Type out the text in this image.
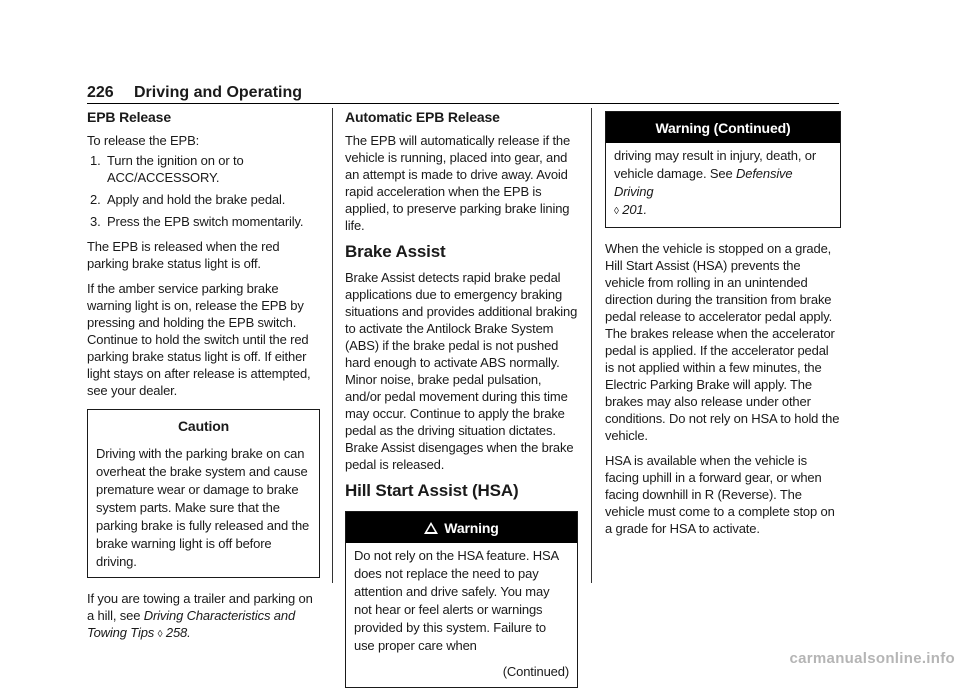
226 Driving and Operating
EPB Release

To release the EPB:

1. Turn the ignition on or to ACC/ACCESSORY.
2. Apply and hold the brake pedal.
3. Press the EPB switch momentarily.

The EPB is released when the red parking brake status light is off.

If the amber service parking brake warning light is on, release the EPB by pressing and holding the EPB switch. Continue to hold the switch until the red parking brake status light is off. If either light stays on after release is attempted, see your dealer.

Caution
Driving with the parking brake on can overheat the brake system and cause premature wear or damage to brake system parts. Make sure that the parking brake is fully released and the brake warning light is off before driving.

If you are towing a trailer and parking on a hill, see Driving Characteristics and Towing Tips ◊ 258.

Automatic EPB Release

The EPB will automatically release if the vehicle is running, placed into gear, and an attempt is made to drive away. Avoid rapid acceleration when the EPB is applied, to preserve parking brake lining life.

Brake Assist

Brake Assist detects rapid brake pedal applications due to emergency braking situations and provides additional braking to activate the Antilock Brake System (ABS) if the brake pedal is not pushed hard enough to activate ABS normally. Minor noise, brake pedal pulsation, and/or pedal movement during this time may occur. Continue to apply the brake pedal as the driving situation dictates. Brake Assist disengages when the brake pedal is released.

Hill Start Assist (HSA)
Warning
Do not rely on the HSA feature. HSA does not replace the need to pay attention and drive safely. You may not hear or feel alerts or warnings provided by this system. Failure to use proper care when
(Continued)
Warning (Continued)
driving may result in injury, death, or vehicle damage. See Defensive Driving
◊ 201.

When the vehicle is stopped on a grade, Hill Start Assist (HSA) prevents the vehicle from rolling in an unintended direction during the transition from brake pedal release to accelerator pedal apply. The brakes release when the accelerator pedal is applied. If the accelerator pedal is not applied within a few minutes, the Electric Parking Brake will apply. The brakes may also release under other conditions. Do not rely on HSA to hold the vehicle.

HSA is available when the vehicle is facing uphill in a forward gear, or when facing downhill in R (Reverse). The vehicle must come to a complete stop on a grade for HSA to activate.

carmanualsonline.info
